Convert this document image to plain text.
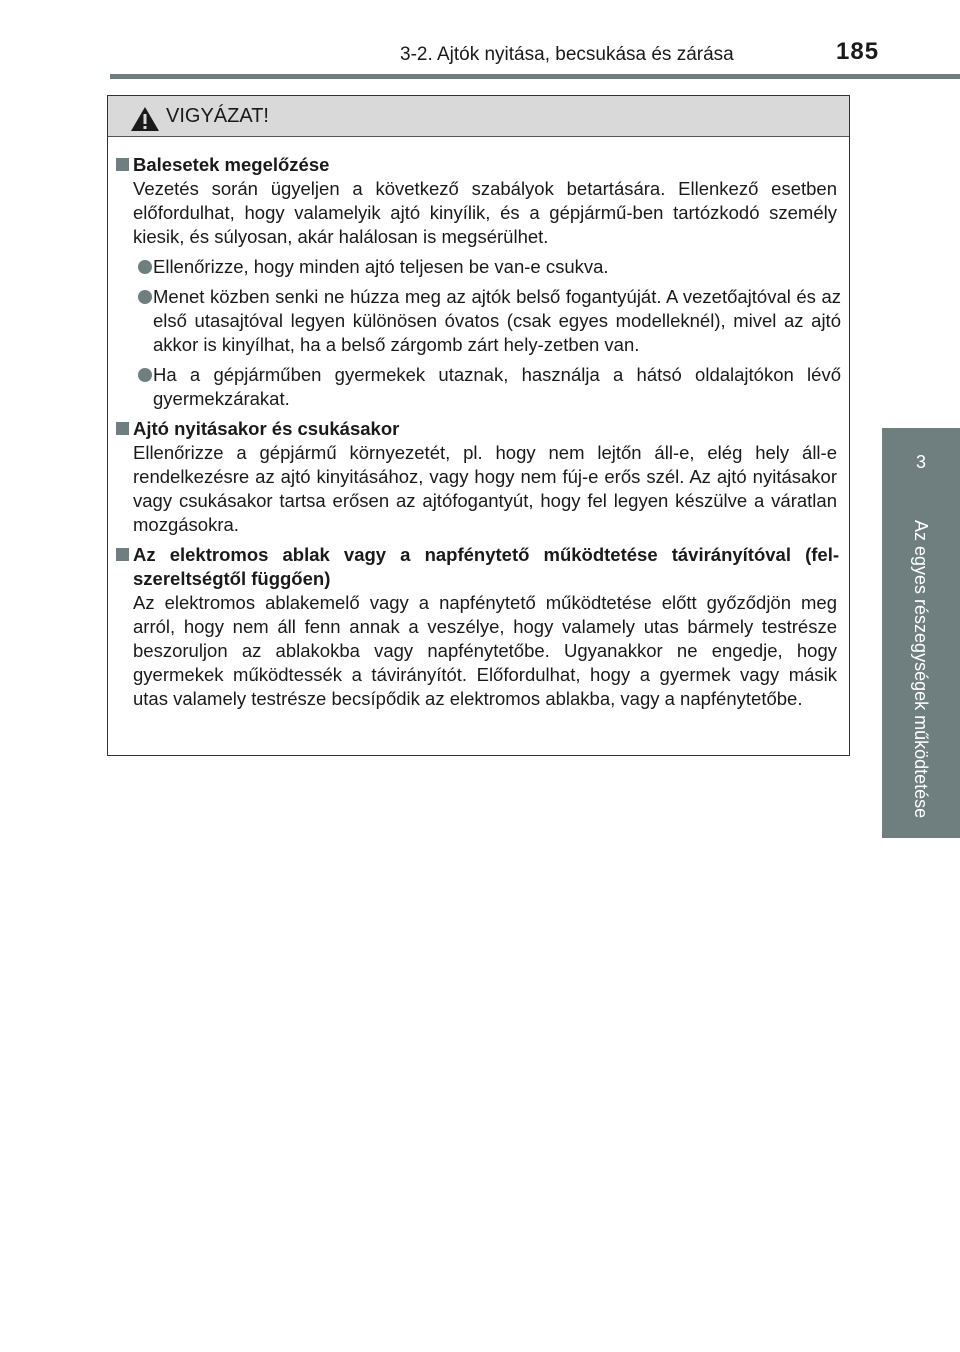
3-2. Ajtók nyitása, becsukása és zárása	185
3
Az egyes részegységek működtetése
VIGYÁZAT!
Balesetek megelőzése
Vezetés során ügyeljen a következő szabályok betartására. Ellenkező esetben előfordulhat, hogy valamelyik ajtó kinyílik, és a gépjármű-ben tartózkodó személy kiesik, és súlyosan, akár halálosan is megsérülhet.
Ellenőrizze, hogy minden ajtó teljesen be van-e csukva.
Menet közben senki ne húzza meg az ajtók belső fogantyúját. A vezetőajtóval és az első utasajtóval legyen különösen óvatos (csak egyes modelleknél), mivel az ajtó akkor is kinyílhat, ha a belső zárgomb zárt hely-zetben van.
Ha a gépjárműben gyermekek utaznak, használja a hátsó oldalajtókon lévő gyermekzárakat.
Ajtó nyitásakor és csukásakor
Ellenőrizze a gépjármű környezetét, pl. hogy nem lejtőn áll-e, elég hely áll-e rendelkezésre az ajtó kinyitásához, vagy hogy nem fúj-e erős szél. Az ajtó nyitásakor vagy csukásakor tartsa erősen az ajtófogantyút, hogy fel legyen készülve a váratlan mozgásokra.
Az elektromos ablak vagy a napfénytető működtetése távirányítóval (fel-szereltségtől függően)
Az elektromos ablakemelő vagy a napfénytető működtetése előtt győződjön meg arról, hogy nem áll fenn annak a veszélye, hogy valamely utas bármely testrésze beszoruljon az ablakokba vagy napfénytetőbe. Ugyanakkor ne engedje, hogy gyermekek működtessék a távirányítót. Előfordulhat, hogy a gyermek vagy másik utas valamely testrésze becsípődik az elektromos ablakba, vagy a napfénytetőbe.
